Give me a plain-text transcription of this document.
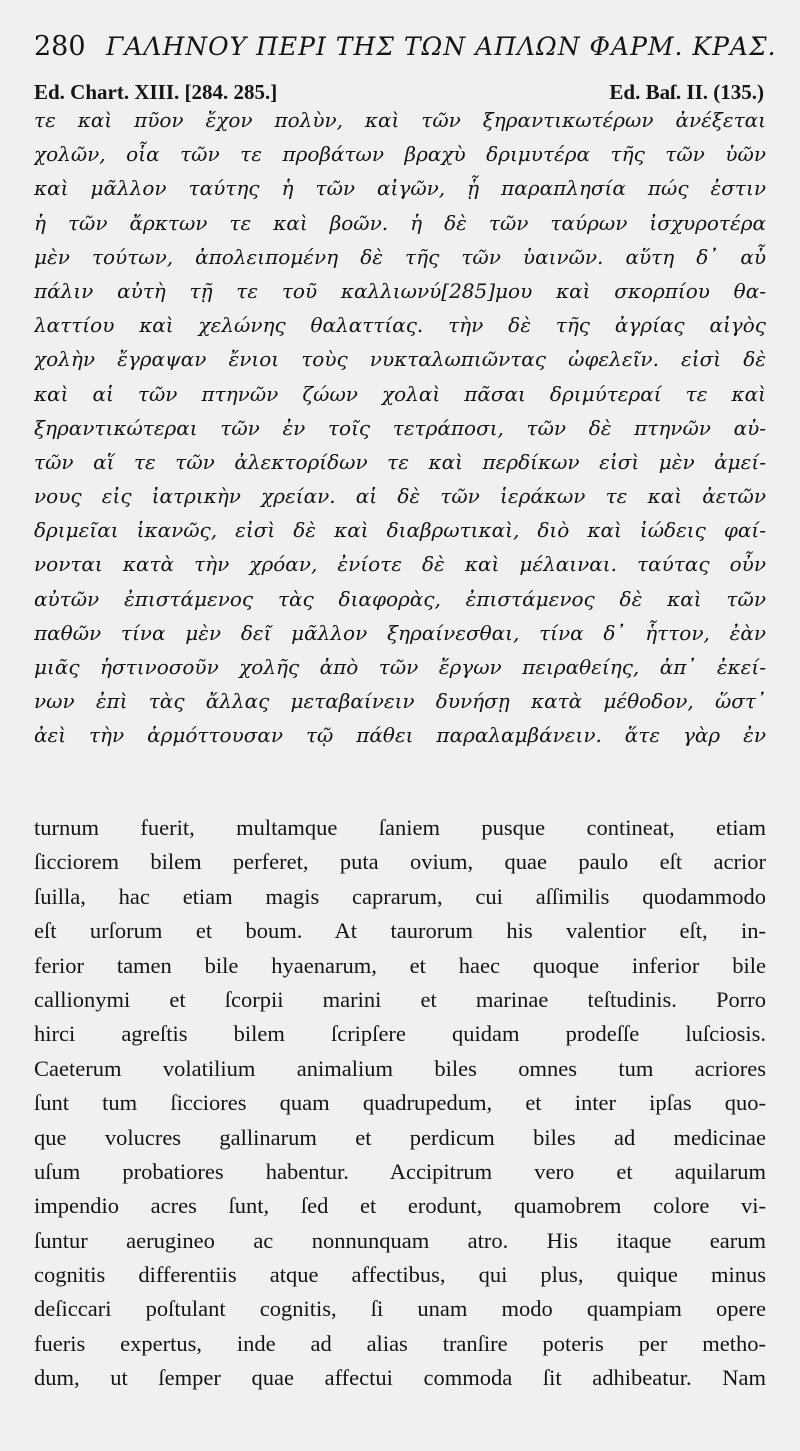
280 ΓΑΛΗΝΟΥ ΠΕΡΙ ΤΗΣ ΤΩΝ ΑΠΛΩΝ ΦΑΡΜ. ΚΡΑΣ.
Ed. Chart. XIII. [284. 285.]	Ed. Baſ. II. (135.)
τε καὶ πῦον ἔχον πολὺν, καὶ τῶν ξηραντικωτέρων ἀνέξεται
χολῶν, οἷα τῶν τε προβάτων βραχὺ δριμυτέρα τῆς τῶν ὑῶν
καὶ μᾶλλον ταύτης ἡ τῶν αἰγῶν, ᾗ παραπλησία πώς ἐστιν
ἡ τῶν ἄρκτων τε καὶ βοῶν. ἡ δὲ τῶν ταύρων ἰσχυροτέρα
μὲν τούτων, ἀπολειπομένη δὲ τῆς τῶν ὑαινῶν. αὕτη δ᾽ αὖ
πάλιν αὐτὴ τῇ τε τοῦ καλλιωνύ[285]μου καὶ σκορπίου θα-
λαττίου καὶ χελώνης θαλαττίας. τὴν δὲ τῆς ἀγρίας αἰγὸς
χολὴν ἔγραψαν ἔνιοι τοὺς νυκταλωπιῶντας ὠφελεῖν. εἰσὶ δὲ
καὶ αἱ τῶν πτηνῶν ζώων χολαὶ πᾶσαι δριμύτεραί τε καὶ
ξηραντικώτεραι τῶν ἐν τοῖς τετράποσι, τῶν δὲ πτηνῶν αὐ-
τῶν αἵ τε τῶν ἀλεκτορίδων τε καὶ περδίκων εἰσὶ μὲν ἀμεί-
νους εἰς ἰατρικὴν χρείαν. αἱ δὲ τῶν ἱεράκων τε καὶ ἀετῶν
δριμεῖαι ἱκανῶς, εἰσὶ δὲ καὶ διαβρωτικαὶ, διὸ καὶ ἰώδεις φαί-
νονται κατὰ τὴν χρόαν, ἐνίοτε δὲ καὶ μέλαιναι. ταύτας οὖν
αὐτῶν ἐπιστάμενος τὰς διαφορὰς, ἐπιστάμενος δὲ καὶ τῶν
παθῶν τίνα μὲν δεῖ μᾶλλον ξηραίνεσθαι, τίνα δ᾽ ἧττον, ἐὰν
μιᾶς ἡστινοσοῦν χολῆς ἀπὸ τῶν ἔργων πειραθείης, ἀπ᾽ ἐκεί-
νων ἐπὶ τὰς ἄλλας μεταβαίνειν δυνήσῃ κατὰ μέθοδον, ὥστ᾽
ἀεὶ τὴν ἁρμόττουσαν τῷ πάθει παραλαμβάνειν. ἅτε γὰρ ἐν
turnum fuerit, multamque ſaniem pusque contineat, etiam
ſicciorem bilem perferet, puta ovium, quae paulo eſt acrior
ſuilla, hac etiam magis caprarum, cui aſſimilis quodammodo
eſt urſorum et boum. At taurorum his valentior eſt, in-
ferior tamen bile hyaenarum, et haec quoque inferior bile
callionymi et ſcorpii marini et marinae teſtudinis. Porro
hirci agreſtis bilem ſcripſere quidam prodeſſe luſciosis.
Caeterum volatilium animalium biles omnes tum acriores
ſunt tum ſicciores quam quadrupedum, et inter ipſas quo-
que volucres gallinarum et perdicum biles ad medicinae
uſum probatiores habentur. Accipitrum vero et aquilarum
impendio acres ſunt, ſed et erodunt, quamobrem colore vi-
ſuntur aerugineo ac nonnunquam atro. His itaque earum
cognitis differentiis atque affectibus, qui plus, quique minus
deſiccari poſtulant cognitis, ſi unam modo quampiam opere
fueris expertus, inde ad alias tranſire poteris per metho-
dum, ut ſemper quae affectui commoda ſit adhibeatur. Nam
